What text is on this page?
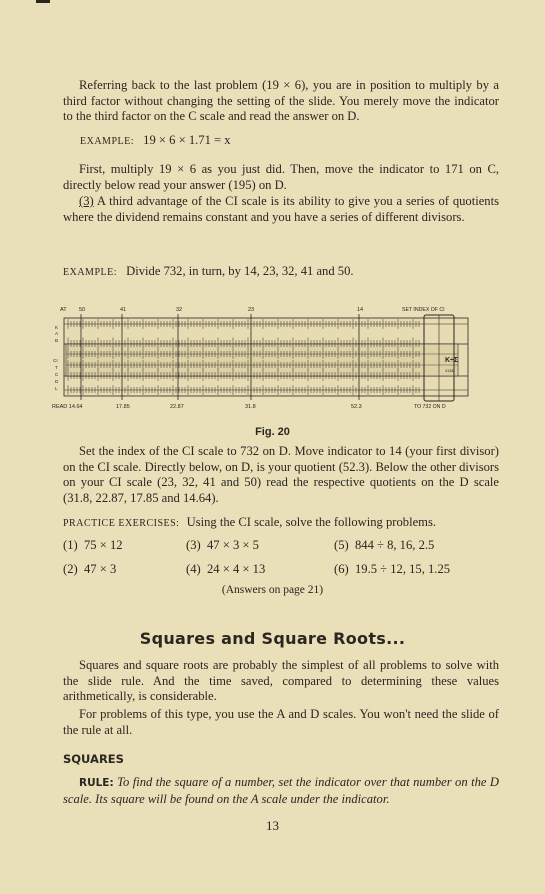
Referring back to the last problem (19 × 6), you are in position to multiply by a third factor without changing the setting of the slide. You merely move the indicator to the third factor on the C scale and read the answer on D.
EXAMPLE: 19 × 6 × 1.71 = x
First, multiply 19 × 6 as you just did. Then, move the indicator to 171 on C, directly below read your answer (195) on D.
(3) A third advantage of the CI scale is its ability to give you a series of quotients where the dividend remains constant and you have a series of different divisors.
EXAMPLE: Divide 732, in turn, by 14, 23, 32, 41 and 50.
AT 50	41	32	23	14	SET INDEX OF CI
K
A
B
CI
T
C
D
L
K÷Σ
4138
READ 14.64	17.85	22.87	31.8	52.3	TO 732 ON D
Fig. 20
Set the index of the CI scale to 732 on D. Move indicator to 14 (your first divisor) on the CI scale. Directly below, on D, is your quotient (52.3). Below the other divisors on your CI scale (23, 32, 41 and 50) read the respective quotients on the D scale (31.8, 22.87, 17.85 and 14.64).
PRACTICE EXERCISES: Using the CI scale, solve the following problems.
(1) 75 × 12	(3) 47 × 3 × 5	(5) 844 ÷ 8, 16, 2.5
(2) 47 × 3	(4) 24 × 4 × 13	(6) 19.5 ÷ 12, 15, 1.25
(Answers on page 21)
Squares and Square Roots...
Squares and square roots are probably the simplest of all problems to solve with the slide rule. And the time saved, compared to determining these values arithmetically, is considerable.
For problems of this type, you use the A and D scales. You won't need the slide of the rule at all.
SQUARES
RULE: To find the square of a number, set the indicator over that number on the D scale. Its square will be found on the A scale under the indicator.
13
